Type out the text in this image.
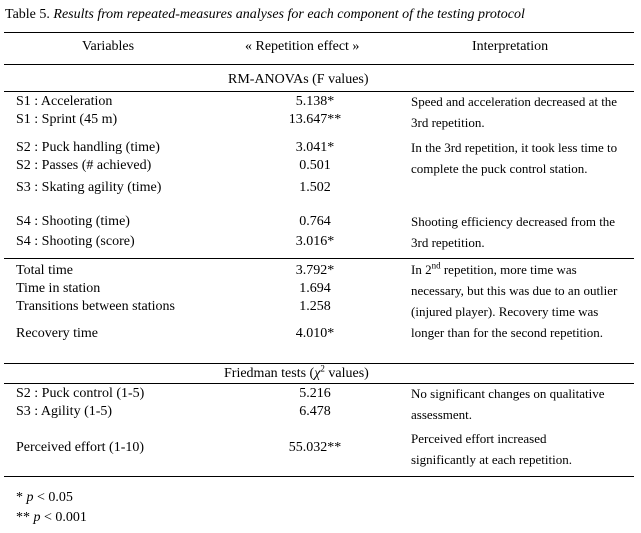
Table 5. Results from repeated-measures analyses for each component of the testing protocol
Variables	« Repetition effect »	Interpretation
RM-ANOVAs (F values)
S1 : Acceleration	5.138*
S1 : Sprint (45 m)	13.647**
Speed and acceleration decreased at the 3rd repetition.
S2 : Puck handling (time)	3.041*
S2 : Passes (# achieved)	0.501
S3 : Skating agility (time)	1.502
In the 3rd repetition, it took less time to complete the puck control station.
S4 : Shooting (time)	0.764
S4 : Shooting (score)	3.016*
Shooting efficiency decreased from the 3rd repetition.
Total time	3.792*
Time in station	1.694
Transitions between stations	1.258
Recovery time	4.010*
In 2nd repetition, more time was necessary, but this was due to an outlier (injured player). Recovery time was longer than for the second repetition.
Friedman tests ($\chi^2$ values)
S2 : Puck control (1-5)	5.216
S3 : Agility (1-5)	6.478
No significant changes on qualitative assessment.
Perceived effort (1-10)	55.032**
Perceived effort increased significantly at each repetition.
* p < 0.05
** p < 0.001
